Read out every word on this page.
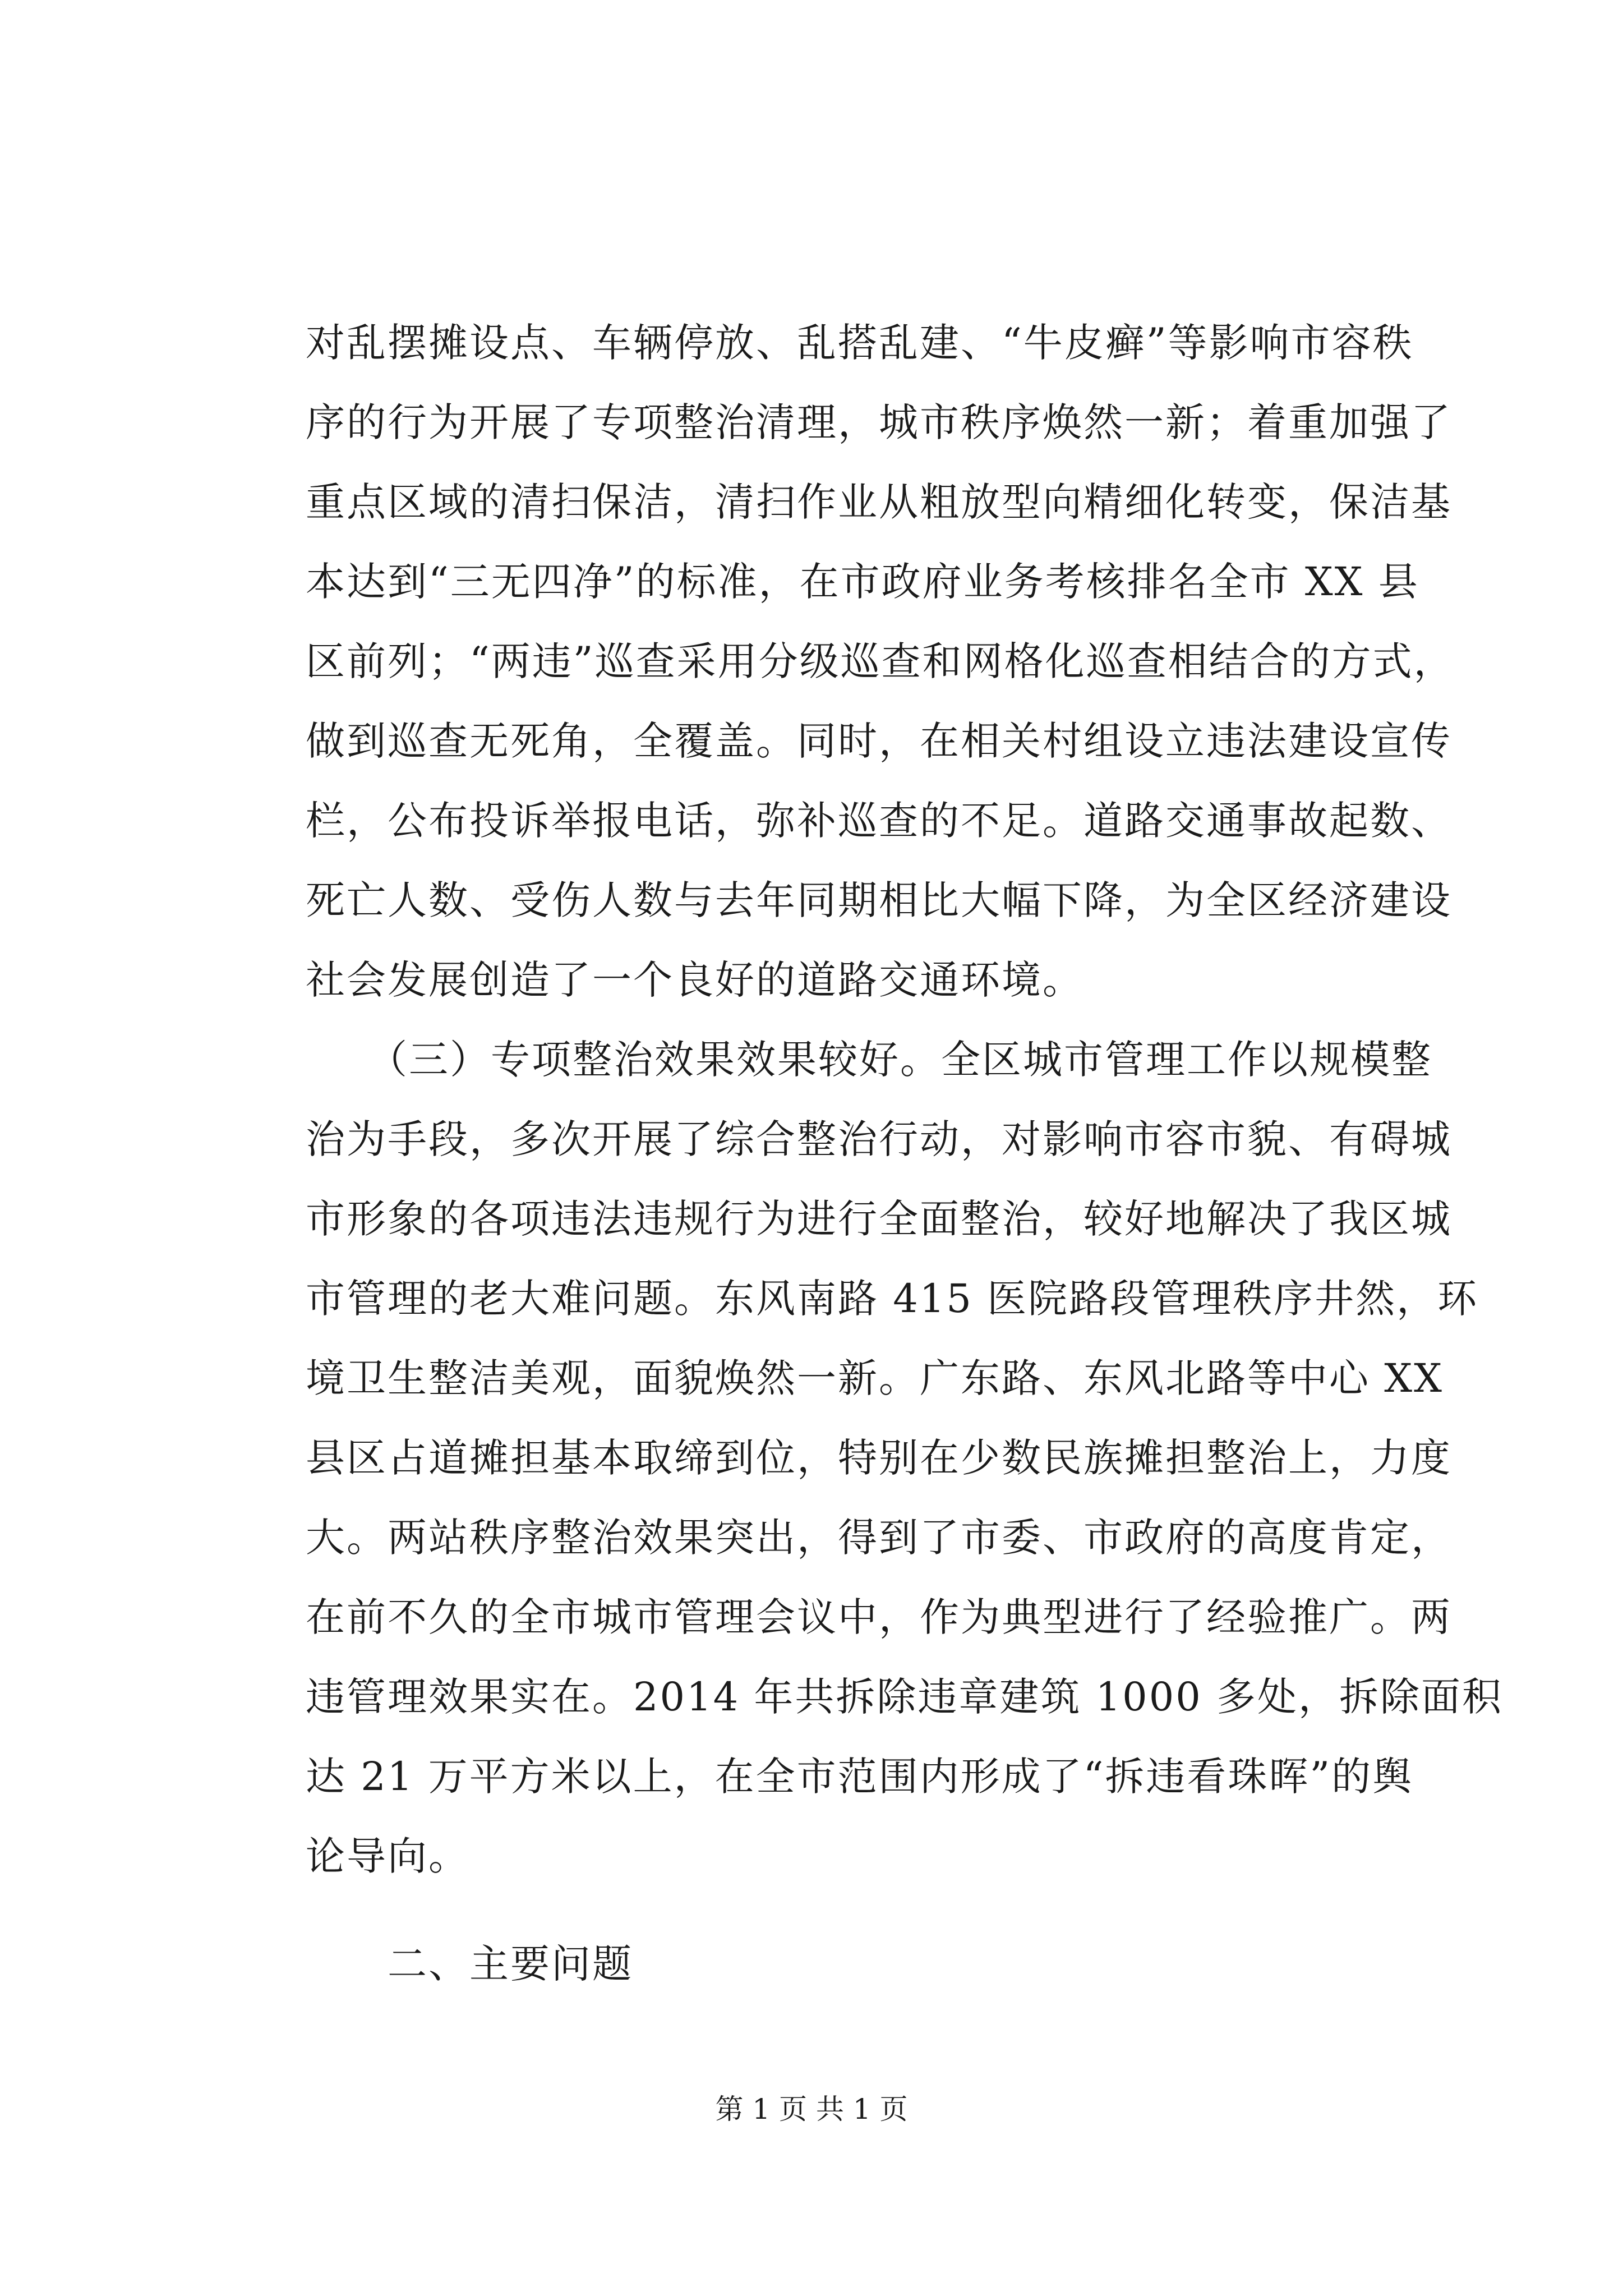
对乱摆摊设点、车辆停放、乱搭乱建、“牛皮癣”等影响市容秩
序的行为开展了专项整治清理，城市秩序焕然一新；着重加强了
重点区域的清扫保洁，清扫作业从粗放型向精细化转变，保洁基
本达到“三无四净”的标准，在市政府业务考核排名全市 XX 县
区前列；“两违”巡查采用分级巡查和网格化巡查相结合的方式，
做到巡查无死角，全覆盖。同时，在相关村组设立违法建设宣传
栏，公布投诉举报电话，弥补巡查的不足。道路交通事故起数、
死亡人数、受伤人数与去年同期相比大幅下降，为全区经济建设
社会发展创造了一个良好的道路交通环境。
　　（三）专项整治效果效果较好。全区城市管理工作以规模整
治为手段，多次开展了综合整治行动，对影响市容市貌、有碍城
市形象的各项违法违规行为进行全面整治，较好地解决了我区城
市管理的老大难问题。东风南路 415 医院路段管理秩序井然，环
境卫生整洁美观，面貌焕然一新。广东路、东风北路等中心 XX
县区占道摊担基本取缔到位，特别在少数民族摊担整治上，力度
大。两站秩序整治效果突出，得到了市委、市政府的高度肯定，
在前不久的全市城市管理会议中，作为典型进行了经验推广。两
违管理效果实在。2014 年共拆除违章建筑 1000 多处，拆除面积
达 21 万平方米以上，在全市范围内形成了“拆违看珠晖”的舆
论导向。
　　二、主要问题
第 1 页 共 1 页
